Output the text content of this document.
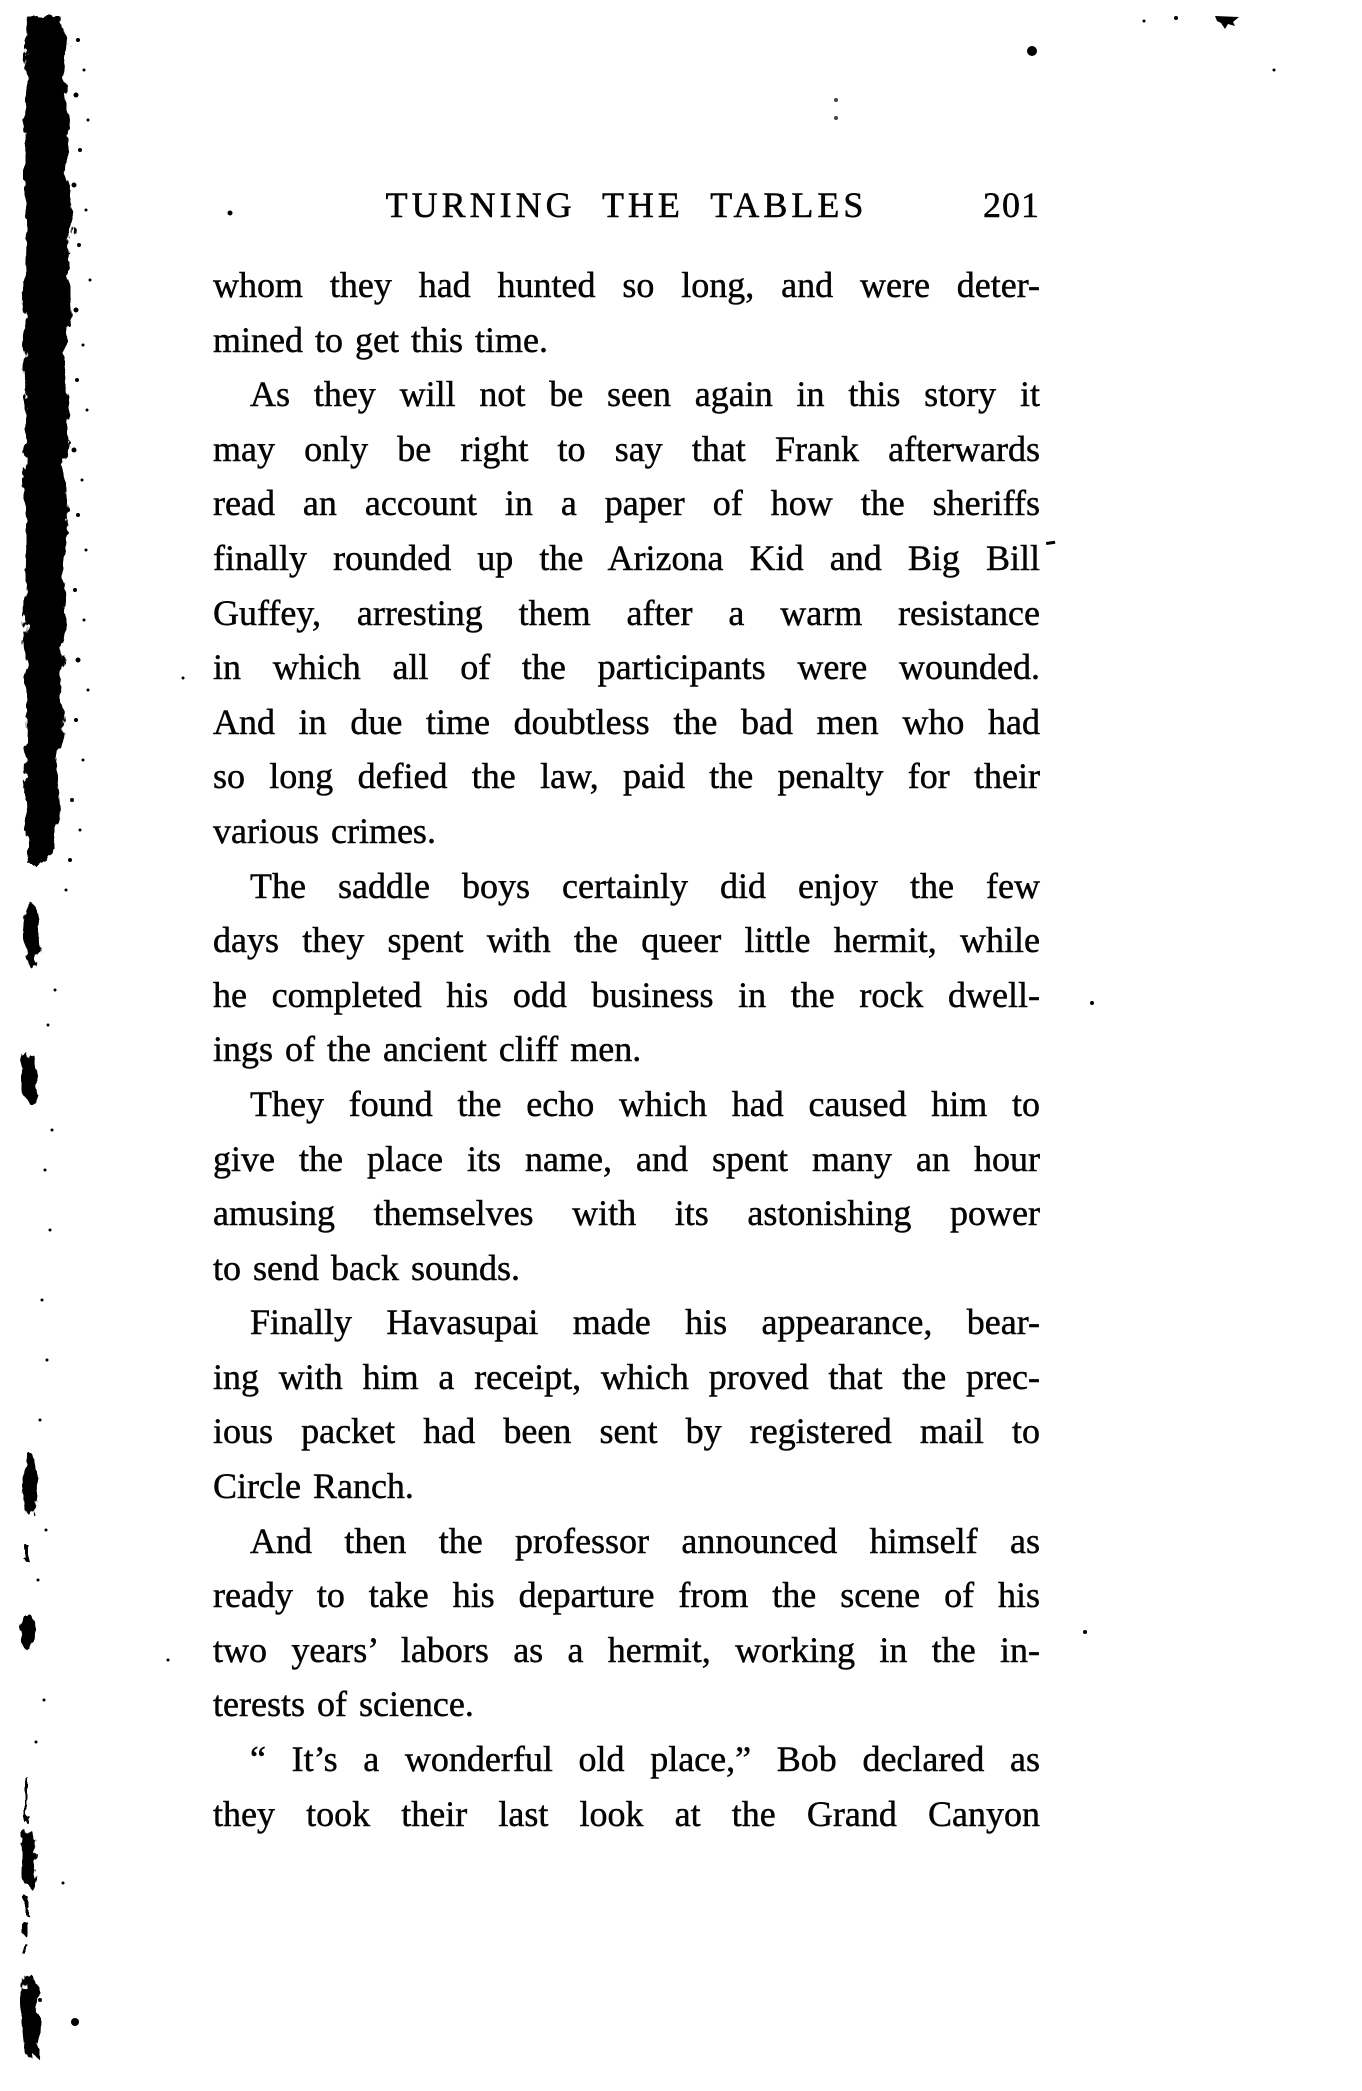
TURNING THE TABLES	201
whom they had hunted so long, and were deter-
mined to get this time.
As they will not be seen again in this story it
may only be right to say that Frank afterwards
read an account in a paper of how the sheriffs
finally rounded up the Arizona Kid and Big Bill
Guffey, arresting them after a warm resistance
in which all of the participants were wounded.
And in due time doubtless the bad men who had
so long defied the law, paid the penalty for their
various crimes.
The saddle boys certainly did enjoy the few
days they spent with the queer little hermit, while
he completed his odd business in the rock dwell-
ings of the ancient cliff men.
They found the echo which had caused him to
give the place its name, and spent many an hour
amusing themselves with its astonishing power
to send back sounds.
Finally Havasupai made his appearance, bear-
ing with him a receipt, which proved that the prec-
ious packet had been sent by registered mail to
Circle Ranch.
And then the professor announced himself as
ready to take his departure from the scene of his
two years’ labors as a hermit, working in the in-
terests of science.
“ It’s a wonderful old place,” Bob declared as
they took their last look at the Grand Canyon
